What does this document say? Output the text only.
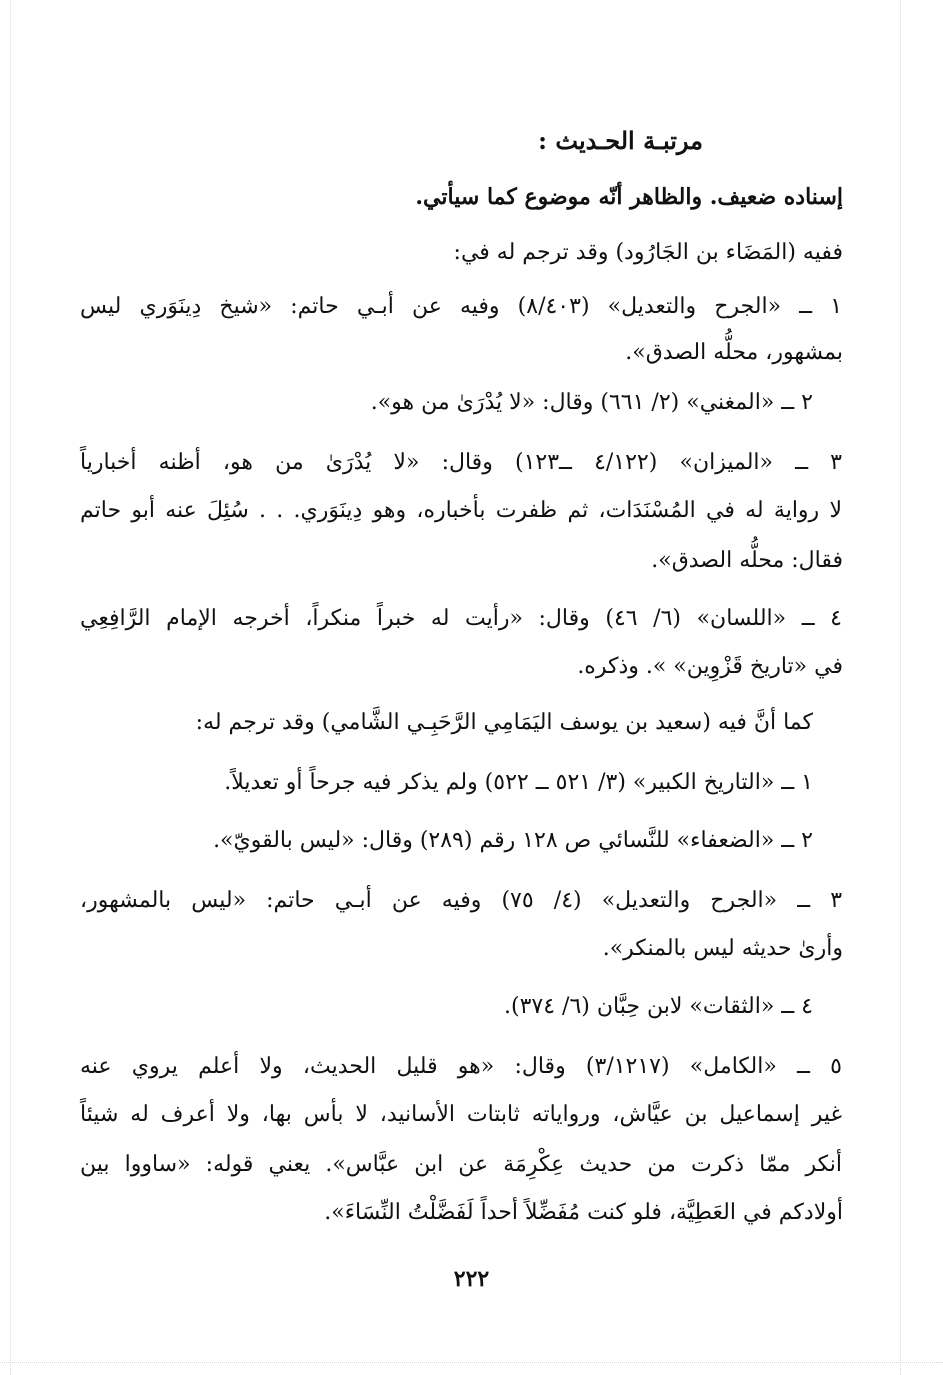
مرتبـة الحـديث :
إسناده ضعيف. والظاهر أنّه موضوع كما سيأتي.
ففيه (المَضَاء بن الجَارُود) وقد ترجم له في:
١ ــ «الجرح والتعديل» (٨/٤٠٣) وفيه عن أبـي حاتم: «شيخ دِينَوَري ليس
بمشهور، محلُّه الصدق».
٢ ــ «المغني» (٢/ ٦٦١) وقال: «لا يُدْرَىٰ من هو».
٣ ــ «الميزان» (٤/١٢٢ ــ١٢٣) وقال: «لا يُدْرَىٰ من هو، أظنه أخبارياً
لا رواية له في المُسْنَدَات، ثم ظفرت بأخباره، وهو دِينَوَري. . . سُئِلَ عنه أبو حاتم
فقال: محلُّه الصدق».
٤ ــ «اللسان» (٦/ ٤٦) وقال: «رأيت له خبراً منكراً، أخرجه الإمام الرَّافِعِي
في «تاريخ قَزْوِين» ». وذكره.
كما أنَّ فيه (سعيد بن يوسف اليَمَامِي الرَّحَبِـي الشَّامي) وقد ترجم له:
١ ــ «التاريخ الكبير» (٣/ ٥٢١ ــ ٥٢٢) ولم يذكر فيه جرحاً أو تعديلاً.
٢ ــ «الضعفاء» للنَّسائي ص ١٢٨ رقم (٢٨٩) وقال: «ليس بالقويّ».
٣ ــ «الجرح والتعديل» (٤/ ٧٥) وفيه عن أبـي حاتم: «ليس بالمشهور،
وأرىٰ حديثه ليس بالمنكر».
٤ ــ «الثقات» لابن حِبَّان (٦/ ٣٧٤).
٥ ــ «الكامل» (٣/١٢١٧) وقال: «هو قليل الحديث، ولا أعلم يروي عنه
غير إسماعيل بن عيَّاش، ورواياته ثابتات الأسانيد، لا بأس بها، ولا أعرف له شيئاً
أنكر ممّا ذكرت من حديث عِكْرِمَة عن ابن عبَّاس». يعني قوله: «ساووا بين
أولادكم في العَطِيَّة، فلو كنت مُفَضِّلاً أحداً لَفَضَّلْتُ النِّسَاءَ».
٢٢٢
